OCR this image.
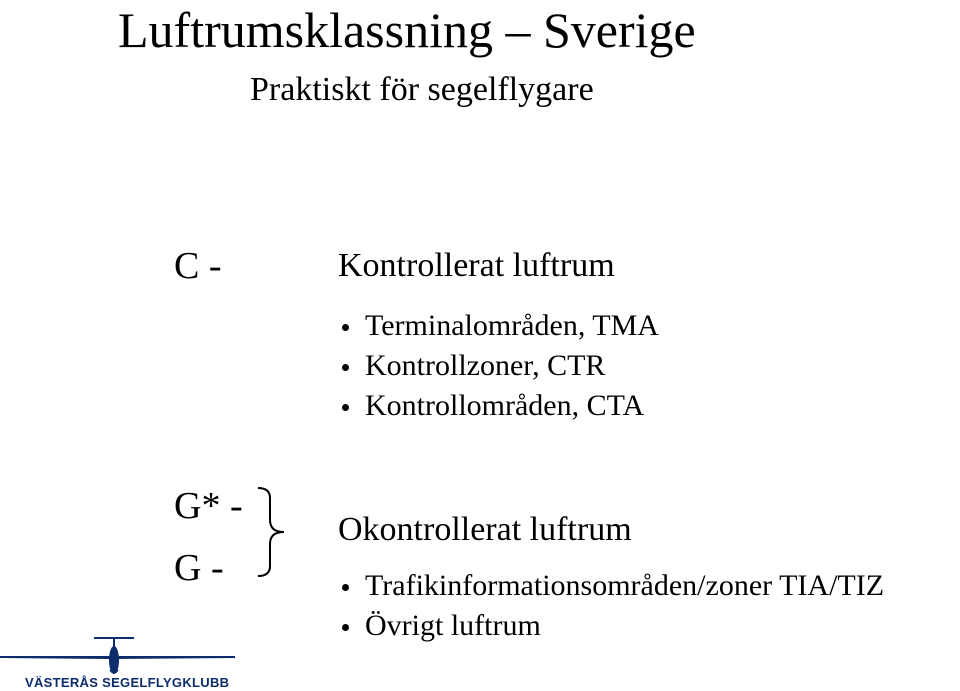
Luftrumsklassning – Sverige
Praktiskt för segelflygare
C -	Kontrollerat luftrum
Terminalområden, TMA
Kontrollzoner, CTR
Kontrollområden, CTA
G* -
G -
Okontrollerat luftrum
Trafikinformationsområden/zoner TIA/TIZ
Övrigt luftrum
VÄSTERÅS SEGELFLYGKLUBB
